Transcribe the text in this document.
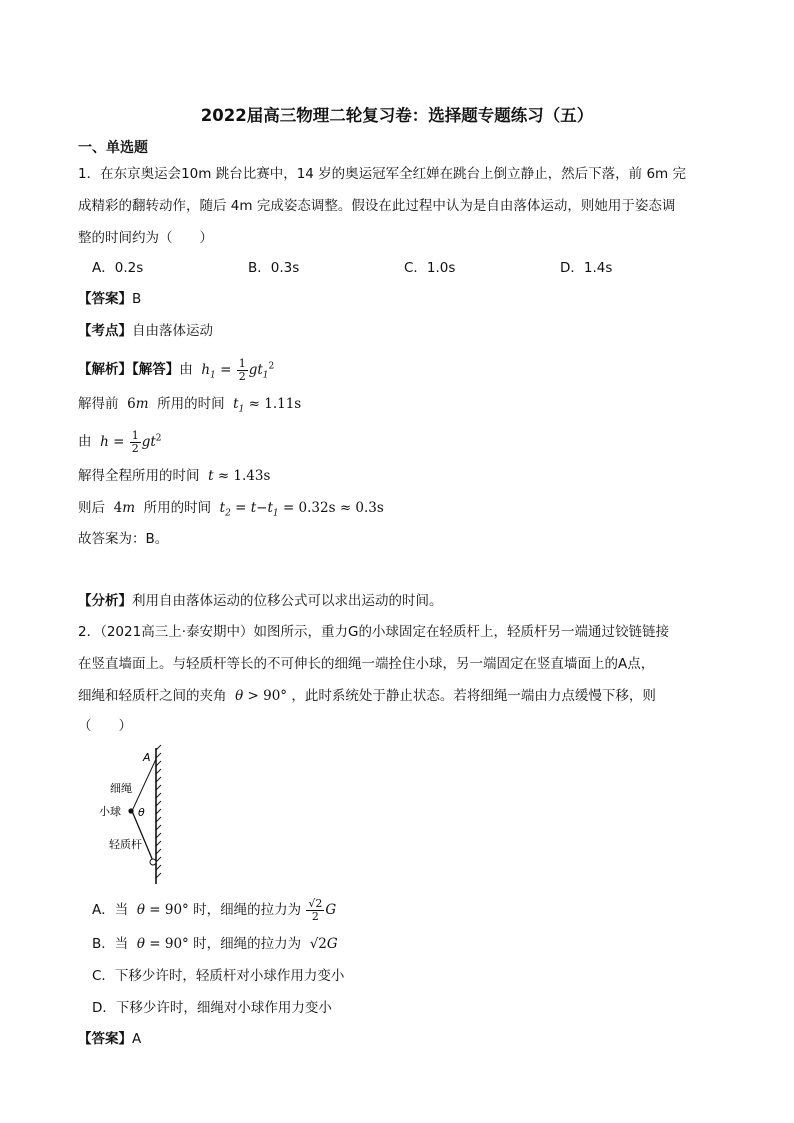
2022届高三物理二轮复习卷：选择题专题练习（五）
一、单选题
1．在东京奥运会10m 跳台比赛中，14 岁的奥运冠军全红婵在跳台上倒立静止，然后下落，前 6m 完
成精彩的翻转动作，随后 4m 完成姿态调整。假设在此过程中认为是自由落体运动，则她用于姿态调
整的时间约为（　　）
A．0.2s	B．0.3s	C．1.0s	D．1.4s
【答案】B
【考点】自由落体运动
【解析】【解答】由  $h_1 = \frac{1}{2} gt_1^2$
解得前 6m  所用的时间  $t_1 \approx 1.11s$
由  $h = \frac{1}{2} gt^2$
解得全程所用的时间  t ≈ 1.43s
则后 4m  所用的时间  $t_2 = t-t_1 = 0.32s \approx 0.3s$
故答案为：B。
【分析】利用自由落体运动的位移公式可以求出运动的时间。
2．（2021高三上·泰安期中）如图所示，重力G的小球固定在轻质杆上，轻质杆另一端通过铰链链接
在竖直墙面上。与轻质杆等长的不可伸长的细绳一端拴住小球，另一端固定在竖直墙面上的A点，
细绳和轻质杆之间的夹角  θ > 90° ，此时系统处于静止状态。若将细绳一端由力点缓慢下移，则
（　　）
A
细绳
小球 θ
轻质杆
A．当  θ = 90° 时，细绳的拉力为 $\frac{√2}{2}$ G
B．当  θ = 90° 时，细绳的拉力为 √2G
C．下移少许时，轻质杆对小球作用力变小
D．下移少许时，细绳对小球作用力变小
【答案】A
